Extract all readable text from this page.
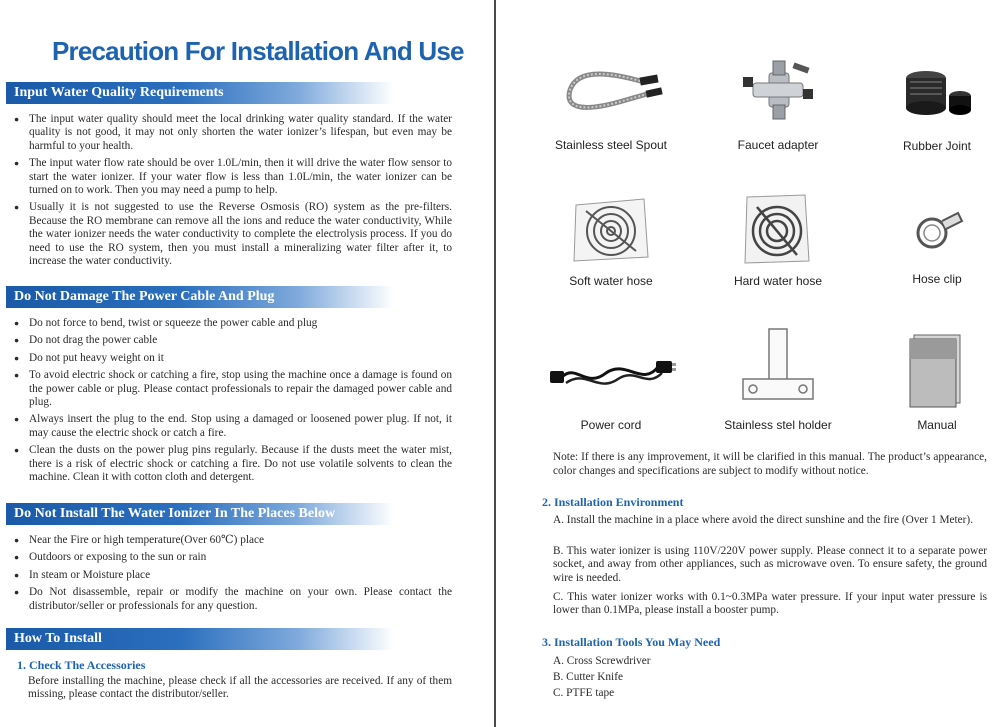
Precaution For Installation And Use
Input Water Quality Requirements
● The input water quality should meet the local drinking water quality standard. If the water quality is not good, it may not only shorten the water ionizer’s lifespan, but even may be harmful to your health.
● The input water flow rate should be over 1.0L/min, then it will drive the water flow sensor to start the water ionizer. If your water flow is less than 1.0L/min, the water ionizer can be turned on to work. Then you may need a pump to help.
● Usually it is not suggested to use the Reverse Osmosis (RO) system as the pre-filters. Because the RO membrane can remove all the ions and reduce the water conductivity, While the water ionizer needs the water conductivity to complete the electrolysis process. If you do need to use the RO system, then you must install a mineralizing water filter after it, to increase the water conductivity.
Do Not Damage The Power Cable And Plug
● Do not force to bend, twist or squeeze the power cable and plug
● Do not drag the power cable
● Do not put heavy weight on it
● To avoid electric shock or catching a fire, stop using the machine once a damage is found on the power cable or plug. Please contact professionals to repair the damaged power cable and plug.
● Always insert the plug to the end. Stop using a damaged or loosened power plug. If not, it may cause the electric shock or catch a fire.
● Clean the dusts on the power plug pins regularly. Because if the dusts meet the water mist, there is a risk of electric shock or catching a fire. Do not use volatile solvents to clean the machine. Clean it with cotton cloth and detergent.
Do Not Install The Water Ionizer In The Places Below
● Near the Fire or high temperature(Over 60℃) place
● Outdoors or exposing to the sun or rain
● In steam or Moisture place
● Do Not disassemble, repair or modify the machine on your own. Please contact the distributor/seller or professionals for any question.
How To Install
1. Check The Accessories
Before installing the machine, please check if all the accessories are received. If any of them missing, please contact the distributor/seller.
Stainless steel Spout	Faucet adapter	Rubber Joint
Soft water hose	Hard water hose	Hose clip
Power cord	Stainless stel holder	Manual
Note: If there is any improvement, it will be clarified in this manual. The product’s appearance, color changes and specifications are subject to modify without notice.
2. Installation Environment
A. Install the machine in a place where avoid the direct sunshine and the fire (Over 1 Meter).
B. This water ionizer is using 110V/220V power supply. Please connect it to a separate power socket, and away from other appliances, such as microwave oven. To ensure safety, the ground wire is needed.
C. This water ionizer works with 0.1~0.3MPa water pressure. If your input water pressure is lower than 0.1MPa, please install a booster pump.
3. Installation Tools You May Need
A. Cross Screwdriver
B. Cutter Knife
C. PTFE tape
